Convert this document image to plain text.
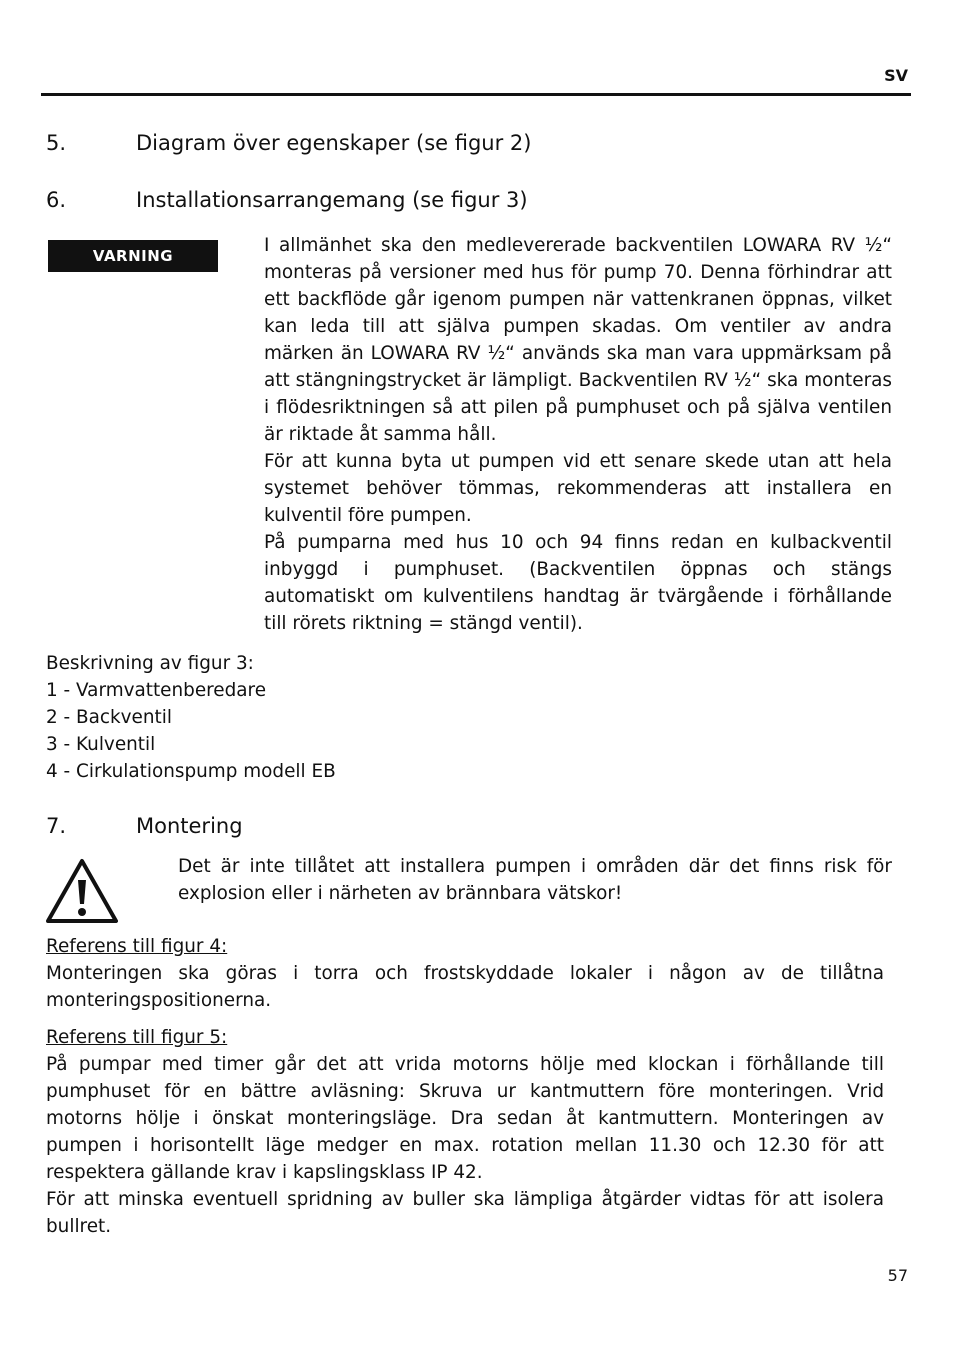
SV
5.	Diagram över egenskaper (se figur 2)
6.	Installationsarrangemang (se figur 3)
VARNING	I allmänhet ska den medlevererade backventilen LOWARA RV ½“ monteras på versioner med hus för pump 70. Denna förhindrar att ett backflöde går igenom pumpen när vattenkranen öppnas, vilket kan leda till att själva pumpen skadas. Om ventiler av andra märken än LOWARA RV ½“ används ska man vara uppmärksam på att stängningstrycket är lämpligt. Backventilen RV ½“ ska monteras i flödesriktningen så att pilen på pumphuset och på själva ventilen är riktade åt samma håll.

För att kunna byta ut pumpen vid ett senare skede utan att hela systemet behöver tömmas, rekommenderas att installera en kulventil före pumpen.

På pumparna med hus 10 och 94 finns redan en kulbackventil inbyggd i pumphuset. (Backventilen öppnas och stängs automatiskt om kulventilens handtag är tvärgående i förhållande till rörets riktning = stängd ventil).

Beskrivning av figur 3:
1 - Varmvattenberedare
2 - Backventil
3 - Kulventil
4 - Cirkulationspump modell EB
7.	Montering
Det är inte tillåtet att installera pumpen i områden där det finns risk för explosion eller i närheten av brännbara vätskor!
Referens till figur 4:
Monteringen ska göras i torra och frostskyddade lokaler i någon av de tillåtna monteringspositionerna.
Referens till figur 5:
På pumpar med timer går det att vrida motorns hölje med klockan i förhållande till pumphuset för en bättre avläsning: Skruva ur kantmuttern före monteringen. Vrid motorns hölje i önskat monteringsläge. Dra sedan åt kantmuttern. Monteringen av pumpen i horisontellt läge medger en max. rotation mellan 11.30 och 12.30 för att respektera gällande krav i kapslingsklass IP 42.
För att minska eventuell spridning av buller ska lämpliga åtgärder vidtas för att isolera bullret.
57
